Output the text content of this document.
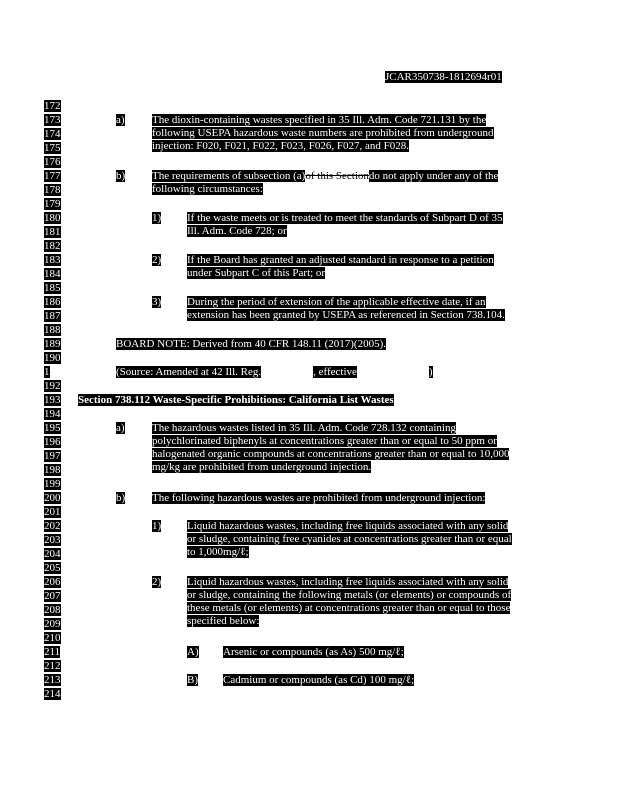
JCAR350738-1812694r01
172
173
174
175
176
177
178
179
180
181
182
183
184
185
186
187
188
189
190
1
192
193
194
195
196
197
198
199
200
201
202
203
204
205
206
207
208
209
210
211
212
213
214
a) The dioxin-containing wastes specified in 35 Ill. Adm. Code 721.131 by the
following USEPA hazardous waste numbers are prohibited from underground
injection: F020, F021, F022, F023, F026, F027, and F028.
b) The requirements of subsection (a)of this Sectiondo not apply under any of the
following circumstances:
1) If the waste meets or is treated to meet the standards of Subpart D of 35
Ill. Adm. Code 728; or
2) If the Board has granted an adjusted standard in response to a petition
under Subpart C of this Part; or
3) During the period of extension of the applicable effective date, if an
extension has been granted by USEPA as referenced in Section 738.104.
BOARD NOTE: Derived from 40 CFR 148.11 (2017)(2005).
(Source: Amended at 42 Ill. Reg.	, effective	)
Section 738.112 Waste-Specific Prohibitions: California List Wastes
a) The hazardous wastes listed in 35 Ill. Adm. Code 728.132 containing
polychlorinated biphenyls at concentrations greater than or equal to 50 ppm or
halogenated organic compounds at concentrations greater than or equal to 10,000
mg/kg are prohibited from underground injection.
b) The following hazardous wastes are prohibited from underground injection:
1) Liquid hazardous wastes, including free liquids associated with any solid
or sludge, containing free cyanides at concentrations greater than or equal
to 1,000mg/ℓ;
2) Liquid hazardous wastes, including free liquids associated with any solid
or sludge, containing the following metals (or elements) or compounds of
these metals (or elements) at concentrations greater than or equal to those
specified below:
A) Arsenic or compounds (as As) 500 mg/ℓ;
B) Cadmium or compounds (as Cd) 100 mg/ℓ;
